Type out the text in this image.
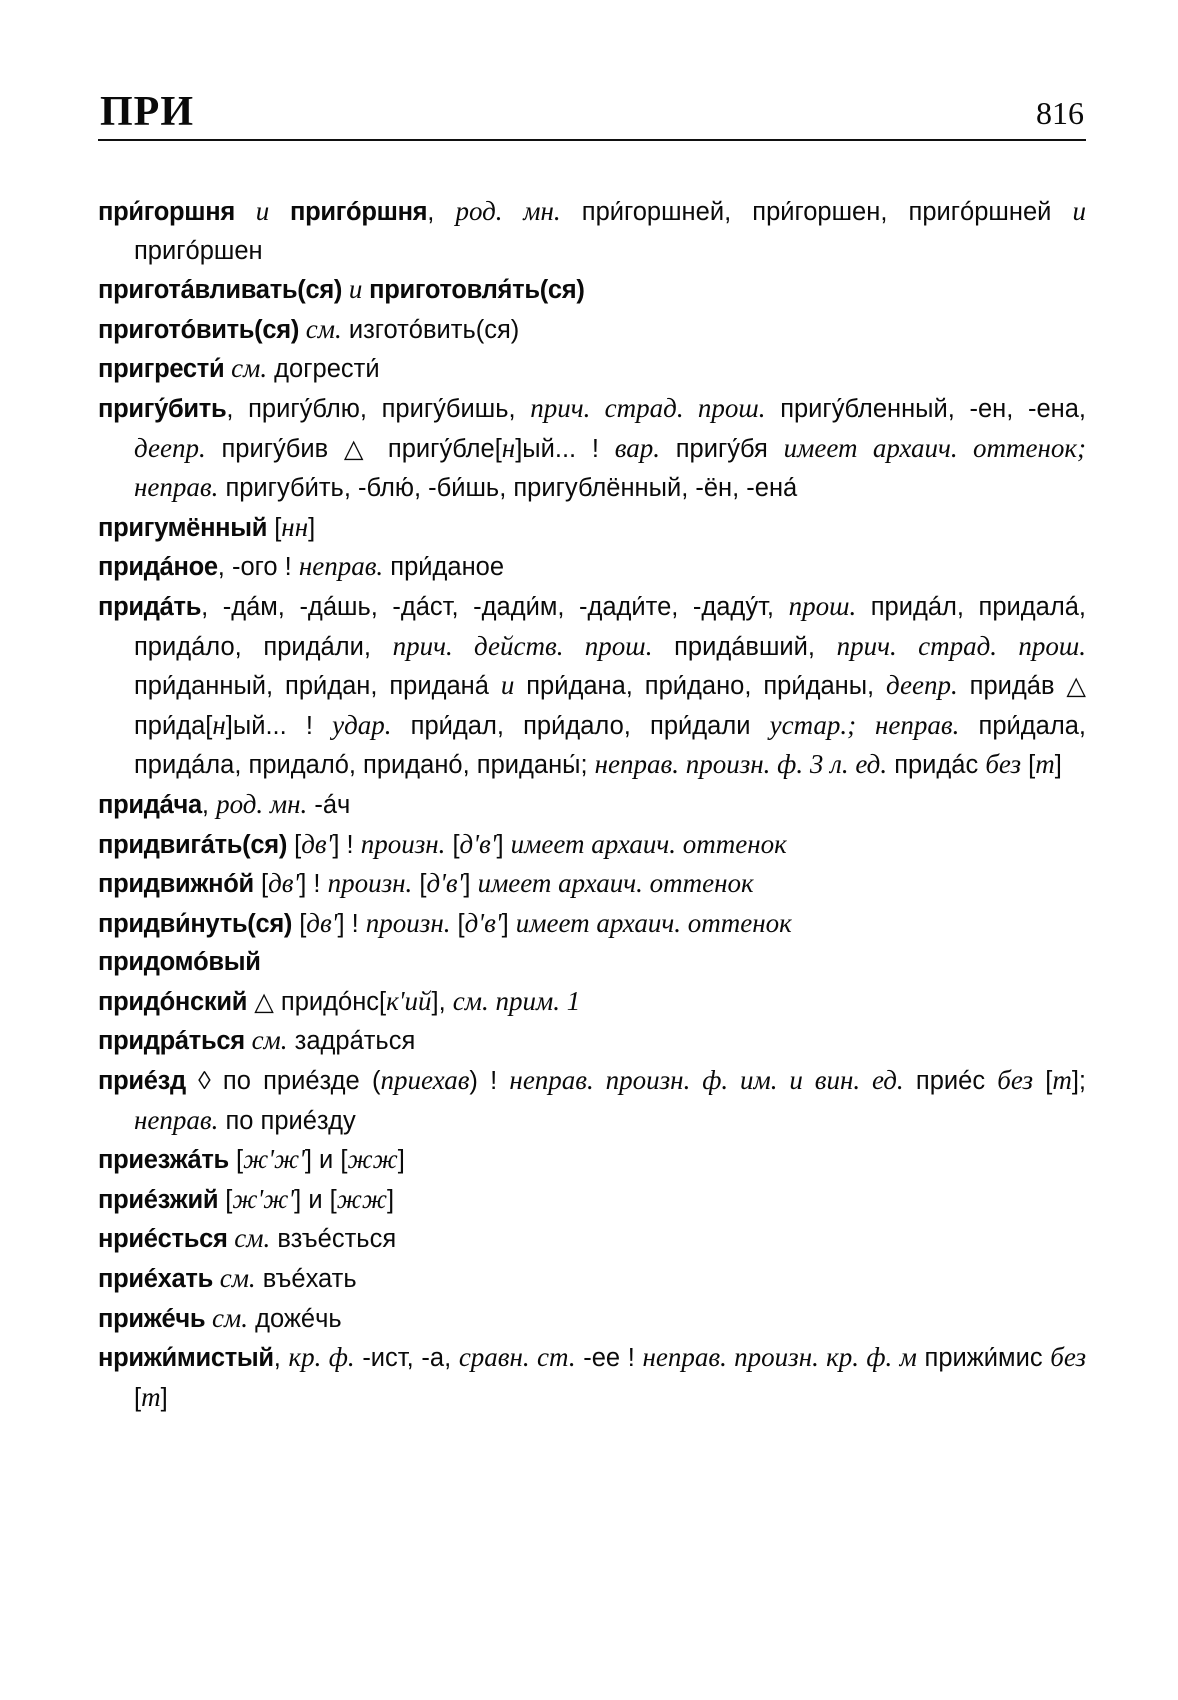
ПРИ	816

при́горшня и пригóршня, род. мн. при́горшней, при́горшен, пригóршней и пригóршен

приготáвливать(ся) и приготовля́ть(ся)

приготóвить(ся) см. изготóвить(ся)

пригрести́ см. догрести́

пригу́бить, пригу́блю, пригу́бишь, прич. страд. прош. пригу́бленный, -ен, -ена, деепр. пригу́бив △ пригу́бле[н]ый... ! вар. пригу́бя имеет архаич. оттенок; неправ. пригуби́ть, -блю́, -би́шь, пригублённый, -ён, -ена́

пригумённый [нн]

придáное, -ого ! неправ. при́даное

придáть, -дáм, -дáшь, -дáст, -дади́м, -дади́те, -даду́т, прош. придáл, придалá, придáло, придáли, прич. действ. прош. придáвший, прич. страд. прош. при́данный, при́дан, приданá и при́дана, при́дано, при́даны, деепр. придáв △ при́да[н]ый... ! удар. при́дал, при́дало, при́дали устар.; неправ. при́дала, придáла, придалó, приданó, приданы́; неправ. произн. ф. 3 л. ед. придáс без [т]

придáча, род. мн. -áч

придвигáть(ся) [дв'] ! произн. [д'в'] имеет архаич. оттенок

придвижнóй [дв'] ! произн. [д'в'] имеет архаич. оттенок

придви́нуть(ся) [дв'] ! произн. [д'в'] имеет архаич. оттенок

придомóвый

придóнский △ придóнс[к'ий], см. прим. 1

придрáться см. задрáться

приéзд ◊ по приéзде (приехав) ! неправ. произн. ф. им. и вин. ед. приéс без [т]; неправ. по приéзду

приезжáть [ж'ж'] и [жж]

приéзжий [ж'ж'] и [жж]

нриéсться см. взъéсться

приéхать см. въéхать

прижéчь см. дожéчь

нрижи́мистый, кр. ф. -ист, -а, сравн. ст. -ее ! неправ. произн. кр. ф. м прижи́мис без [т]
